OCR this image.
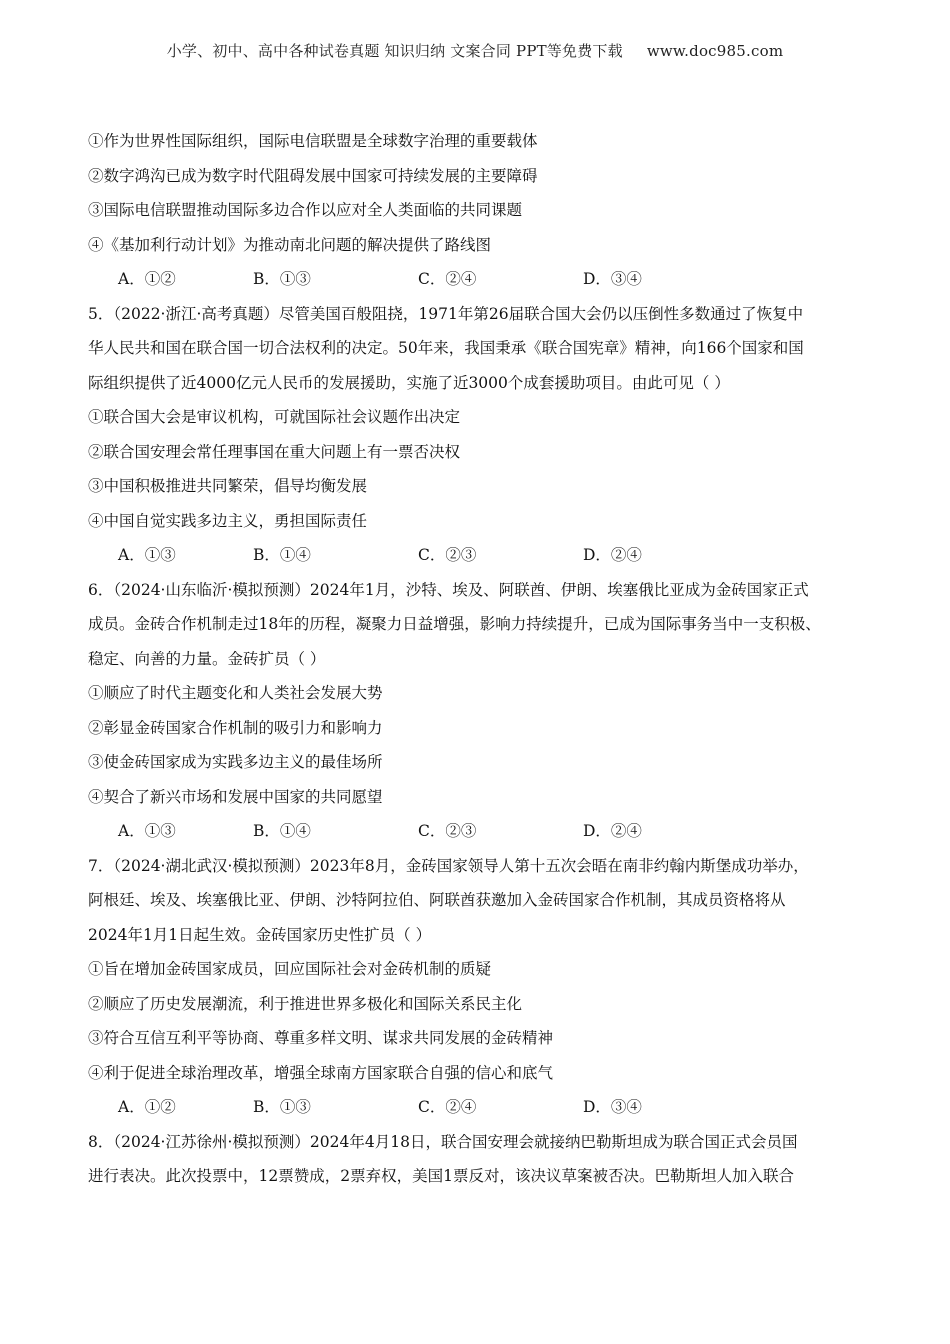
小学、初中、高中各种试卷真题 知识归纳 文案合同 PPT等免费下载 www.doc985.com
①作为世界性国际组织，国际电信联盟是全球数字治理的重要载体
②数字鸿沟已成为数字时代阻碍发展中国家可持续发展的主要障碍
③国际电信联盟推动国际多边合作以应对全人类面临的共同课题
④《基加利行动计划》为推动南北问题的解决提供了路线图
A．①②	B．①③	C．②④	D．③④
5．（2022·浙江·高考真题）尽管美国百般阻挠，1971年第26届联合国大会仍以压倒性多数通过了恢复中
华人民共和国在联合国一切合法权利的决定。50年来，我国秉承《联合国宪章》精神，向166个国家和国
际组织提供了近4000亿元人民币的发展援助，实施了近3000个成套援助项目。由此可见（ ）
①联合国大会是审议机构，可就国际社会议题作出决定
②联合国安理会常任理事国在重大问题上有一票否决权
③中国积极推进共同繁荣，倡导均衡发展
④中国自觉实践多边主义，勇担国际责任
A．①③	B．①④	C．②③	D．②④
6．（2024·山东临沂·模拟预测）2024年1月，沙特、埃及、阿联酋、伊朗、埃塞俄比亚成为金砖国家正式
成员。金砖合作机制走过18年的历程，凝聚力日益增强，影响力持续提升，已成为国际事务当中一支积极、
稳定、向善的力量。金砖扩员（ ）
①顺应了时代主题变化和人类社会发展大势
②彰显金砖国家合作机制的吸引力和影响力
③使金砖国家成为实践多边主义的最佳场所
④契合了新兴市场和发展中国家的共同愿望
A．①③	B．①④	C．②③	D．②④
7．（2024·湖北武汉·模拟预测）2023年8月，金砖国家领导人第十五次会晤在南非约翰内斯堡成功举办，
阿根廷、埃及、埃塞俄比亚、伊朗、沙特阿拉伯、阿联酋获邀加入金砖国家合作机制，其成员资格将从
2024年1月1日起生效。金砖国家历史性扩员（ ）
①旨在增加金砖国家成员，回应国际社会对金砖机制的质疑
②顺应了历史发展潮流，利于推进世界多极化和国际关系民主化
③符合互信互利平等协商、尊重多样文明、谋求共同发展的金砖精神
④利于促进全球治理改革，增强全球南方国家联合自强的信心和底气
A．①②	B．①③	C．②④	D．③④
8．（2024·江苏徐州·模拟预测）2024年4月18日，联合国安理会就接纳巴勒斯坦成为联合国正式会员国
进行表决。此次投票中，12票赞成，2票弃权，美国1票反对，该决议草案被否决。巴勒斯坦人加入联合
